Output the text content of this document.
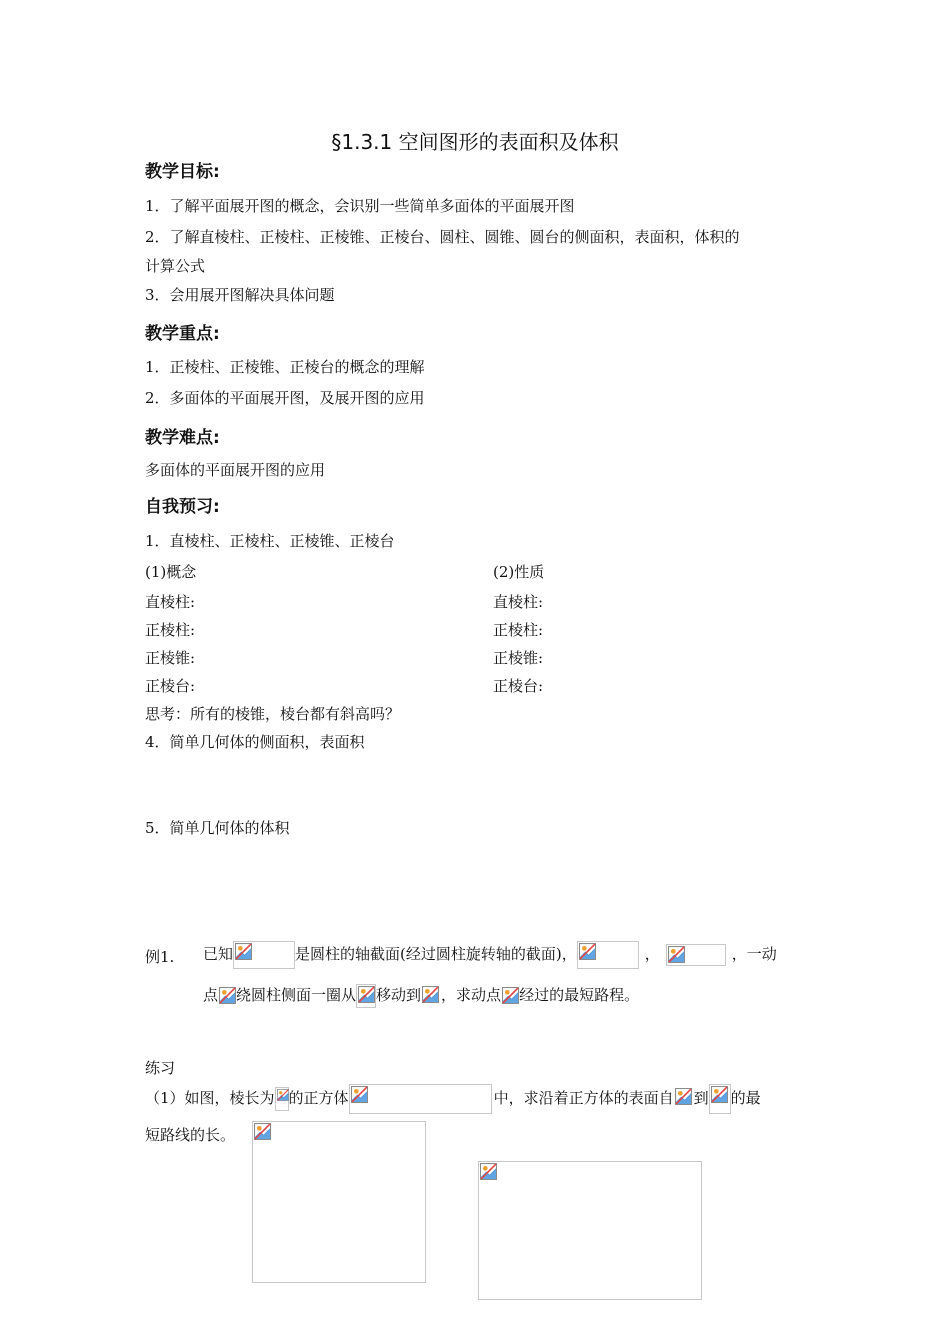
§1.3.1 空间图形的表面积及体积
教学目标:
1．了解平面展开图的概念，会识别一些简单多面体的平面展开图
2．了解直棱柱、正棱柱、正棱锥、正棱台、圆柱、圆锥、圆台的侧面积，表面积，体积的
计算公式
3．会用展开图解决具体问题
教学重点:
1．正棱柱、正棱锥、正棱台的概念的理解
2．多面体的平面展开图，及展开图的应用
教学难点:
多面体的平面展开图的应用
自我预习:
1．直棱柱、正棱柱、正棱锥、正棱台
(1)概念	(2)性质
直棱柱:	直棱柱:
正棱柱:	正棱柱:
正棱锥:	正棱锥:
正棱台:	正棱台:
思考：所有的棱锥，棱台都有斜高吗？
4．简单几何体的侧面积，表面积
5．简单几何体的体积
例1. 已知	是圆柱的轴截面(经过圆柱旋转轴的截面)，	，	，一动
点 绕圆柱侧面一圈从 移动到 ，求动点 经过的最短路程。
练习
（1）如图，棱长为 的正方体	中，求沿着正方体的表面自 到 的最
短路线的长。
